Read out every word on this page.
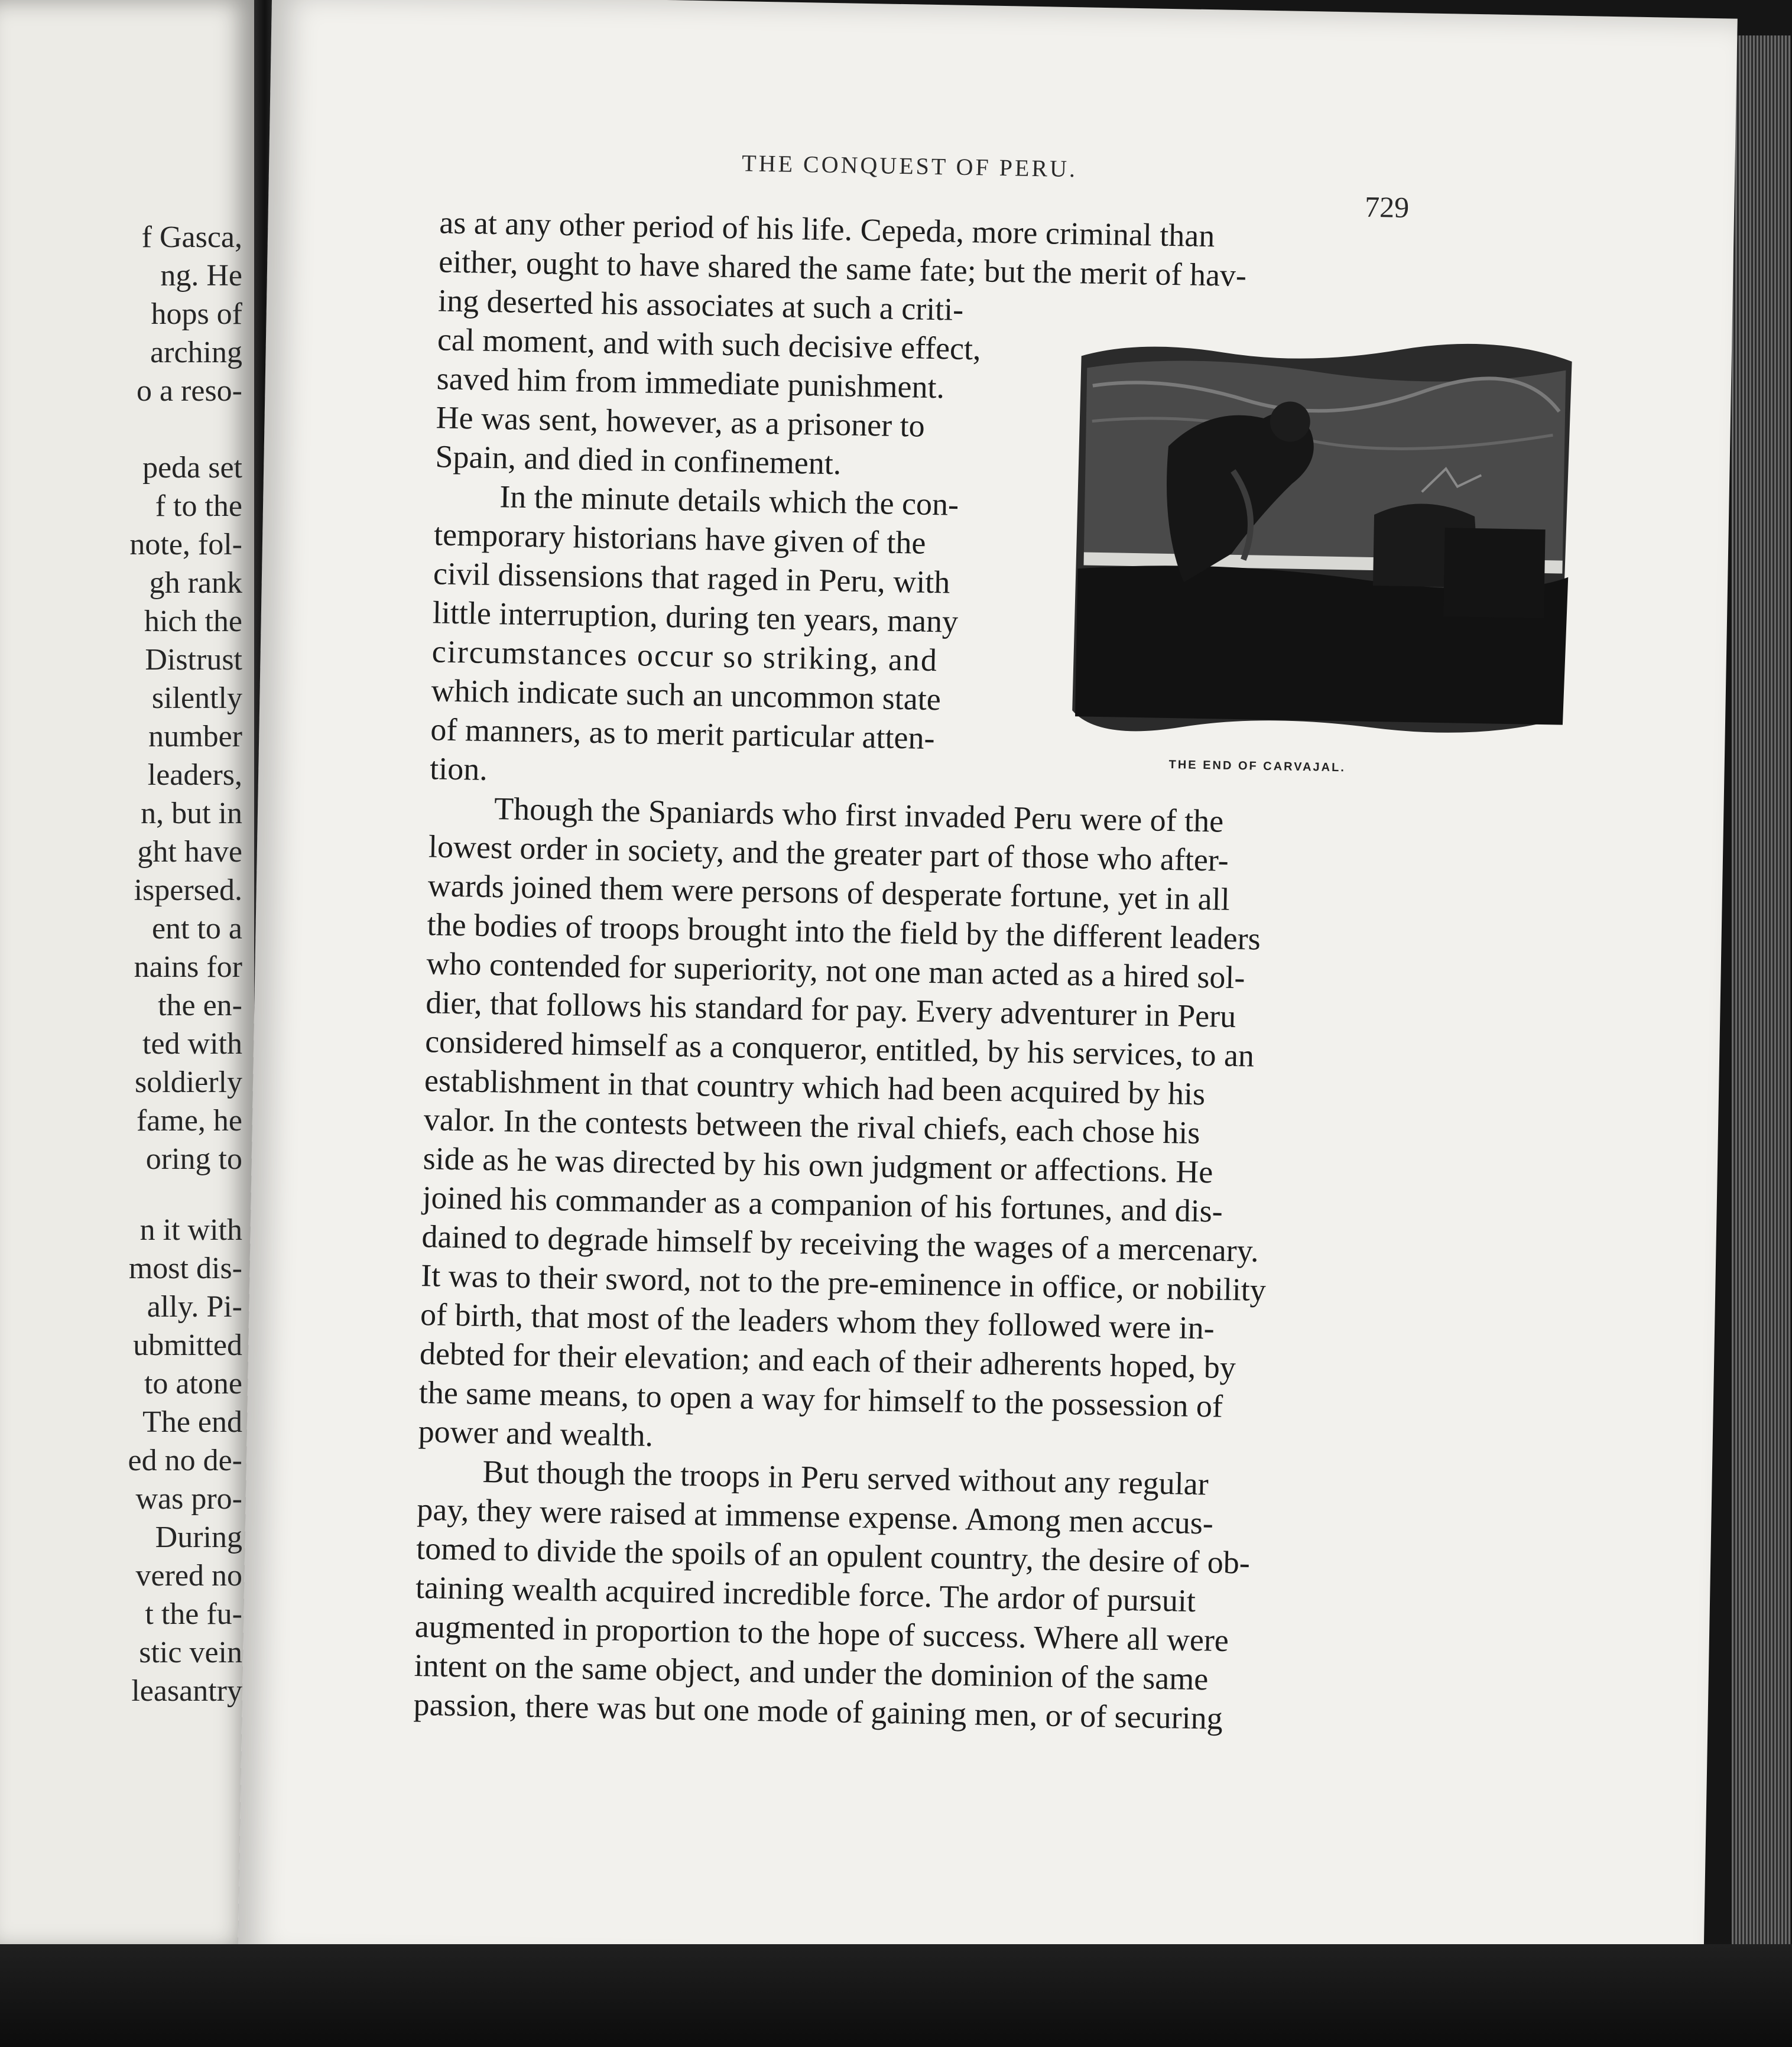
f Gasca,
ng. He
hops of
arching
o a reso-
peda set
f to the
note, fol-
gh rank
hich the
Distrust
silently
number
leaders,
n, but in
ght have
ispersed.
ent to a
nains for
the en-
ted with
soldierly
fame, he
oring to
n it with
most dis-
ally. Pi-
ubmitted
to atone
The end
ed no de-
was pro-
During
vered no
t the fu-
stic vein
leasantry
THE CONQUEST OF PERU.
729
as at any other period of his life. Cepeda, more criminal than
either, ought to have shared the same fate; but the merit of hav-
ing deserted his associates at such a criti-
cal moment, and with such decisive effect,
saved him from immediate punishment.
He was sent, however, as a prisoner to
Spain, and died in confinement.
In the minute details which the con-
temporary historians have given of the
civil dissensions that raged in Peru, with
little interruption, during ten years, many
circumstances occur so striking, and
which indicate such an uncommon state
of manners, as to merit particular atten-
tion.	THE END OF CARVAJAL.
Though the Spaniards who first invaded Peru were of the
lowest order in society, and the greater part of those who after-
wards joined them were persons of desperate fortune, yet in all
the bodies of troops brought into the field by the different leaders
who contended for superiority, not one man acted as a hired sol-
dier, that follows his standard for pay. Every adventurer in Peru
considered himself as a conqueror, entitled, by his services, to an
establishment in that country which had been acquired by his
valor. In the contests between the rival chiefs, each chose his
side as he was directed by his own judgment or affections. He
joined his commander as a companion of his fortunes, and dis-
dained to degrade himself by receiving the wages of a mercenary.
It was to their sword, not to the pre-eminence in office, or nobility
of birth, that most of the leaders whom they followed were in-
debted for their elevation; and each of their adherents hoped, by
the same means, to open a way for himself to the possession of
power and wealth.
But though the troops in Peru served without any regular
pay, they were raised at immense expense. Among men accus-
tomed to divide the spoils of an opulent country, the desire of ob-
taining wealth acquired incredible force. The ardor of pursuit
augmented in proportion to the hope of success. Where all were
intent on the same object, and under the dominion of the same
passion, there was but one mode of gaining men, or of securing
